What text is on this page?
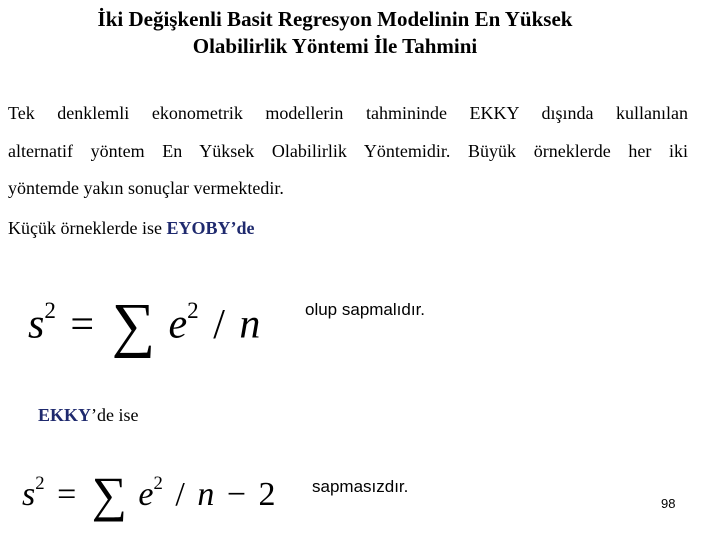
İki Değişkenli Basit Regresyon Modelinin En Yüksek
Olabilirlik Yöntemi İle Tahmini
Tek denklemli ekonometrik modellerin tahmininde EKKY dışında kullanılan
alternatif yöntem En Yüksek Olabilirlik Yöntemidir. Büyük örneklerde her iki
yöntemde yakın sonuçlar vermektedir.
Küçük örneklerde ise EYOBY’de
$s^2$ = ∑ $e^2$ / n	olup sapmalıdır.
EKKY’de ise
$s^2$ = ∑ $e^2 / n - 2$ sapmasızdır.
98
